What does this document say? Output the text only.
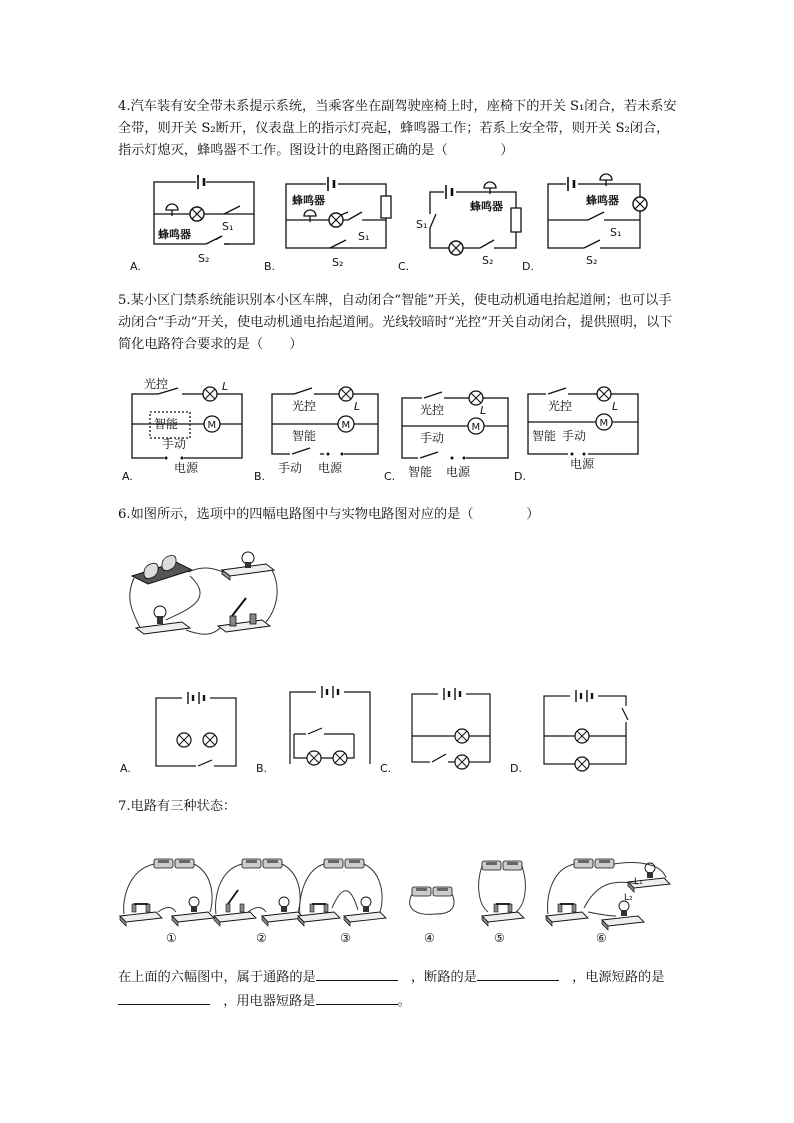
4.汽车装有安全带未系提示系统，当乘客坐在副驾驶座椅上时，座椅下的开关 S₁闭合，若未系安全带，则开关 S₂断开，仪表盘上的指示灯亮起，蜂鸣器工作；若系上安全带，则开关 S₂闭合，指示灯熄灭，蜂鸣器不工作。图设计的电路图正确的是（　　　　）
蜂鸣器
S₁
S₂
A.
蜂鸣器
S₁
S₂
B.
蜂鸣器
S₁
S₂
C.
蜂鸣器
S₁
S₂
D.
5.某小区门禁系统能识别本小区车牌，自动闭合“智能”开关，使电动机通电抬起道闸；也可以手动闭合“手动“开关，使电动机通电抬起道闸。光线较暗时“光控”开关自动闭合，提供照明，以下简化电路符合要求的是（　　）
M
光控	L
智能
手动
电源
A.
光控	L
智能
手动 电源
B.
光控	L
手动
智能 电源
C.
光控	L
智能 手动
电源
D.
6.如图所示，选项中的四幅电路图中与实物电路图对应的是（　　　　）
A.	B.	C.	D.
7.电路有三种状态：
①	②	③	④	⑤
L₁
L₂
⑥
在上面的六幅图中，属于通路的是　	，断路的是　	，电源短路的是　，用电器短路是	。
